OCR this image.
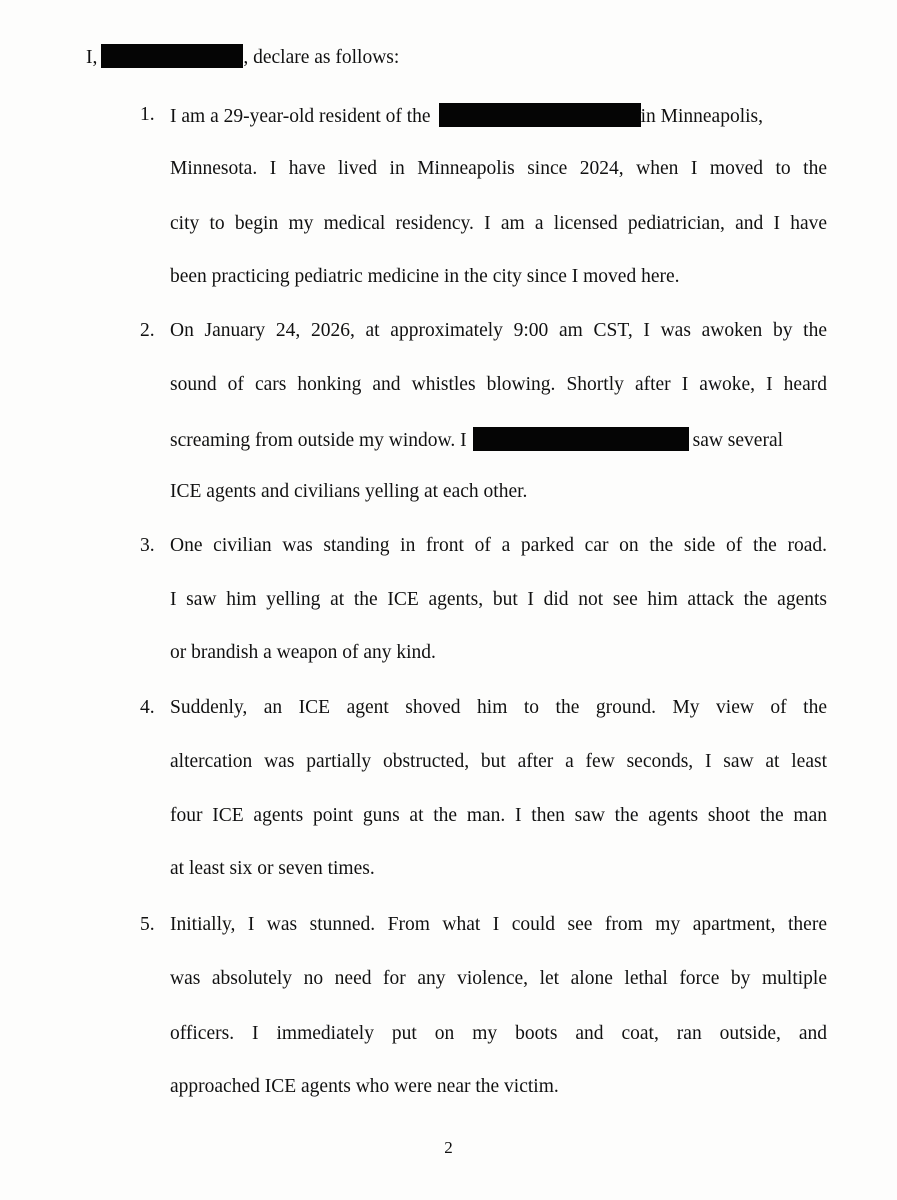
I,	, declare as follows:
1. I am a 29-year-old resident of the	in Minneapolis,
Minnesota. I have lived in Minneapolis since 2024, when I moved to the
city to begin my medical residency. I am a licensed pediatrician, and I have
been practicing pediatric medicine in the city since I moved here.
2. On January 24, 2026, at approximately 9:00 am CST, I was awoken by the
sound of cars honking and whistles blowing. Shortly after I awoke, I heard
screaming from outside my window. I	saw several
ICE agents and civilians yelling at each other.
3. One civilian was standing in front of a parked car on the side of the road.
I saw him yelling at the ICE agents, but I did not see him attack the agents
or brandish a weapon of any kind.
4. Suddenly, an ICE agent shoved him to the ground. My view of the
altercation was partially obstructed, but after a few seconds, I saw at least
four ICE agents point guns at the man. I then saw the agents shoot the man
at least six or seven times.
5. Initially, I was stunned. From what I could see from my apartment, there
was absolutely no need for any violence, let alone lethal force by multiple
officers. I immediately put on my boots and coat, ran outside, and
approached ICE agents who were near the victim.
2
